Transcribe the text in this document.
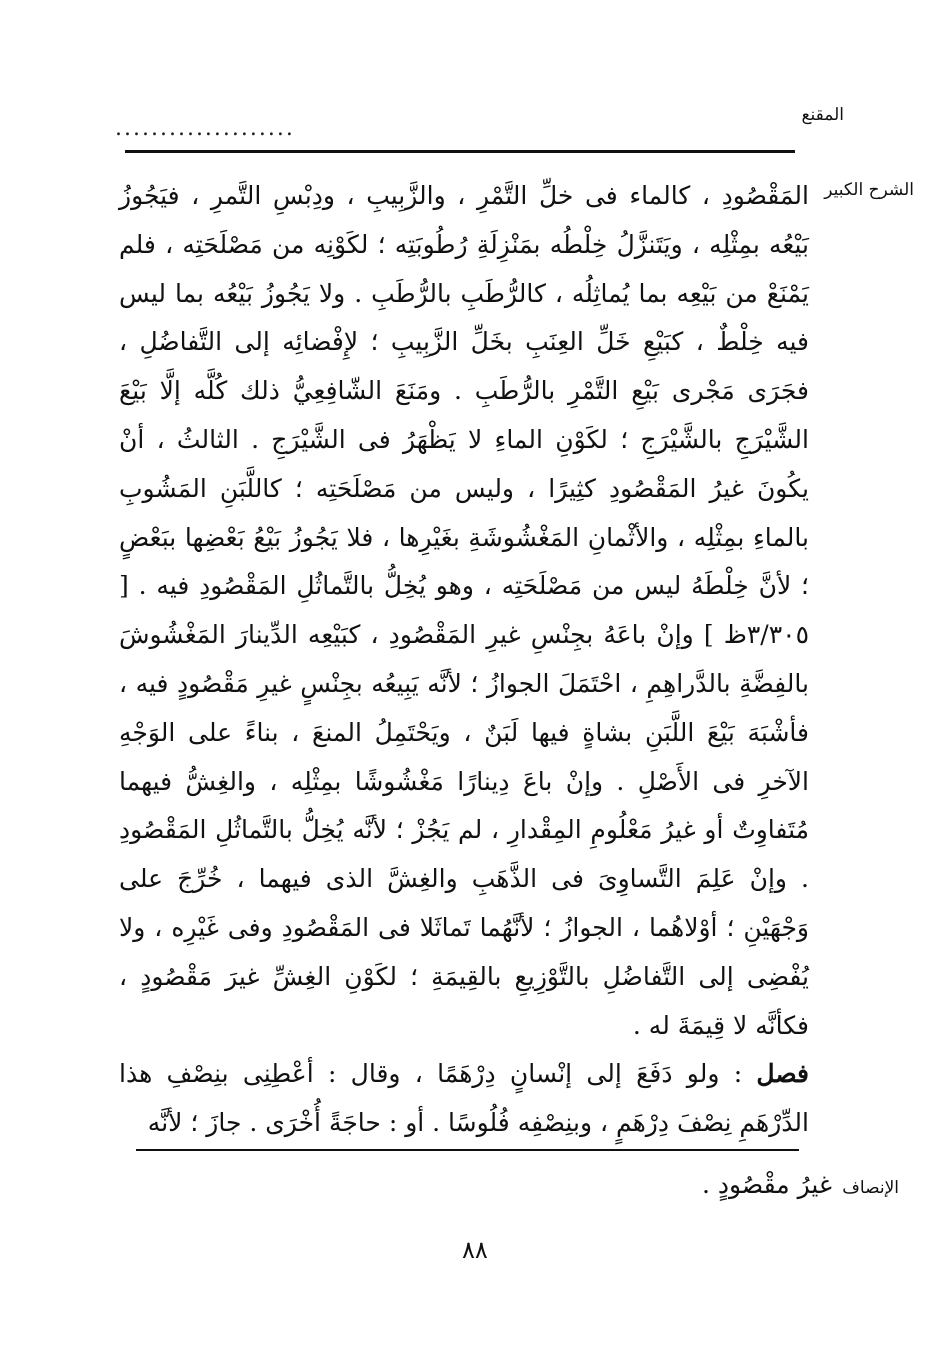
المقنع
....................
الشرح الكبير

المَقْصُودِ ، كالماء فى خلِّ التَّمْرِ ، والزَّبِيبِ ، ودِبْسِ التَّمرِ ، فيَجُوزُ بَيْعُه بمِثْلِه ، ويَتَنزَّلُ خِلْطُه بمَنْزِلَةِ رُطُوبَتِه ؛ لكَوْنِه من مَصْلَحَتِه ، فلم يَمْنَعْ من بَيْعِه بما يُماثِلُه ، كالرُّطَبِ بالرُّطَبِ . ولا يَجُوزُ بَيْعُه بما ليس فيه خِلْطٌ ، كبَيْعِ خَلِّ العِنَبِ بخَلِّ الزَّبِيبِ ؛ لإِفْضائِه إلى التَّفاضُلِ ، فجَرَى مَجْرى بَيْعِ التَّمْرِ بالرُّطَبِ . ومَنَعَ الشّافِعِيُّ ذلك كُلَّه إلَّا بَيْعَ الشَّيْرَجِ بالشَّيْرَجِ ؛ لكَوْنِ الماءِ لا يَظْهَرُ فى الشَّيْرَجِ . الثالثُ ، أنْ يكُونَ غيرُ المَقْصُودِ كثِيرًا ، وليس من مَصْلَحَتِه ؛ كاللَّبَنِ المَشُوبِ بالماءِ بمِثْلِه ، والأثْمانِ المَغْشُوشَةِ بغَيْرِها ، فلا يَجُوزُ بَيْعُ بَعْضِها ببَعْضٍ ؛ لأنَّ خِلْطَهُ ليس من مَصْلَحَتِه ، وهو يُخِلُّ بالتَّماثُلِ المَقْصُودِ فيه . [ ٣/٣٠٥ظ ] وإنْ باعَهُ بجِنْسِ غيرِ المَقْصُودِ ، كبَيْعِه الدِّينارَ المَغْشُوشَ بالفِضَّةِ بالدَّراهِمِ ، احْتَمَلَ الجوازُ ؛ لأنَّه يَبِيعُه بجِنْسٍ غيرِ مَقْصُودٍ فيه ، فأشْبَهَ بَيْعَ اللَّبَنِ بشاةٍ فيها لَبَنٌ ، ويَحْتَمِلُ المنعَ ، بناءً على الوَجْهِ الآخرِ فى الأَصْلِ . وإنْ باعَ دِينارًا مَغْشُوشًا بمِثْلِه ، والغِشُّ فيهما مُتَفاوِتٌ أو غيرُ مَعْلُومِ المِقْدارِ ، لم يَجُزْ ؛ لأنَّه يُخِلُّ بالتَّماثُلِ المَقْصُودِ . وإنْ عَلِمَ التَّساوِىَ فى الذَّهَبِ والغِشَّ الذى فيهما ، خُرِّجَ على وَجْهَيْنِ ؛ أوْلاهُما ، الجوازُ ؛ لأنَّهُما تَماثَلا فى المَقْصُودِ وفى غَيْرِه ، ولا يُفْضِى إلى التَّفاضُلِ بالتَّوْزِيعِ بالقِيمَةِ ؛ لكَوْنِ الغِشِّ غيرَ مَقْصُودٍ ، فكأنَّه لا قِيمَةَ له .

فصل : ولو دَفَعَ إلى إنْسانٍ دِرْهَمًا ، وقال : أعْطِنِى بنِصْفِ هذا الدِّرْهَمِ نِصْفَ دِرْهَمٍ ، وبنِصْفِه فُلُوسًا . أو : حاجَةً أُخْرَى . جازَ ؛ لأنَّه

الإنصاف
غيرُ مقْصُودٍ .
٨٨
